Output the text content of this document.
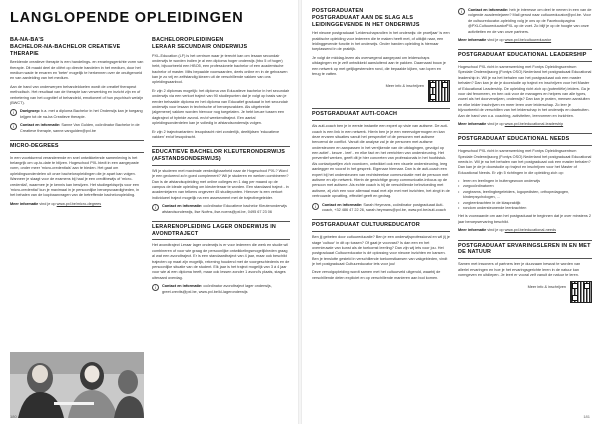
LANGLOPENDE OPLEIDINGEN
BA-NA-BA'S
BACHELOR-NA-BACHELOR CREATIEVE THERAPIE
Beeldende creatieve therapie is een handelings- en ervaringsgerichte vorm van therapie. Dit maakt deel de cliënt op directe handelen in het medium, door het medium wade te ervaren en 'beter' mogelijk te herkennen over de onuitgeroeid en van aanleiding van het medium.
Aan de hand van onderwerpen behandeldoelen wordt de creatief therapeut methodisch. Het resultaat van de therapie kan verwerking en inzicht zijn en of verbetering van het cognitief of behandeld, emotioneel of hun psychisch welzijn (BWCT).
i	Doelgroep: b.a. met a diploma Bachelor in het Onderwijs kan je toegang krijgen tot de na-ba Creatieve therapie.
i	Contact en informatie: Sanne Van Gulden, coördinator Bachelor in de Creatieve therapie, sanne.vangulden@pxl.be
MICRO-DEGREES
In een voortdurend veranderende en snel ontwikkelende samenleving is het belangrijk om up-to-date te blijven. Hogeschool PXL biedt in een aangepaste vorm, onder meer 'micro-credentials' aan te bieden. Het gaat om opleidingsonderdelen uit onze bacheloropleidingen die je apart kan volgen. Wanneer je slaagt voor de examens bij haal je een creditbewijs of 'micro-credential', waarmee je je kennis kan bewijzen. Het studiegeldsprijs voor een 'micro-credential' kun je maximaal in je persoonlijke beroepsvaardigheden, in het behalen van de loopbaanvragen van de betreffende bacheloropleiding.
Meer informatie vind je op www.pxl.be/micro-degrees
BACHELOROPLEIDINGEN
LERAAR SECUNDAIR ONDERWIJS
PXL-Education (LF) is het centrum waar je terecht kan om lesaan secundair onderwijs te worden indien je al een diploma hoger onderwijs (hbo 5 of hoger) hebt, bijvoorbeeld een HBO5, een professionele bachelor of een academische bachelor of master. Mits bepaalde voorwaarden, deels online en in de gebouwen kan je zo vrij en zelfstandig kiezen uit de verschillende vakken van ons opleidingsaanbod.
Er zijn 2 diplomas mogelijk: het diploma van Educatieve bachelor in het secundair onderwijs via een verkort traject van 90 studiepunten dat je volgt op basis van je eerder behaalde diploma en het diploma van Educatief graduaat in het secundair onderwijs voor lesaan in technische of beroepsvakken. Als uitgebreide (algemene) vakken worden hiervoor nog toegelaten. Je hebt keuze tussen een dagtraject of hybride avond- en/of weekendtraject. Een aantal opleidingsonderdelen kan je volledig in afstandsonderwijs volgen.
Er zijn 2 trajectvarianten: lesopdracht niet zonderlijk, deeltijdsen 'educatieve vakken' en/of lesopdracht.
EDUCATIEVE BACHELOR KLEUTERONDERWIJS (AFSTANDSONDERWIJS)
Wil je studeren met maximale verdedigbaarheid naar de Hogeschool PXL? Word je een gedurend zo'n goed complement? Wil je studeren en werken combineren? Dan is de afstandsopleiding met online colleges en 1 dag per maand op de campus de ideale opleiding om kleuterleraar te worden. Een standaard traject - in academiejaren van telkens ongeveer 45 studiepunten. Hierover is een verkort individueel traject mogelijk na een assessment met de trajectbegeleider.
i	Contact en informatie: coördinator Educatieve bachelor Kleuteronderwijs afstandsonderwijs, Ilse Noëns, ilse.noens@pxl.be, 0495 67 23 06
LERARENOPLEIDING LAGER ONDERWIJS IN AVONDTRAJECT
Het avondtraject Leraar lager onderwijs is er voor iedereen die werk en studie wil combineren of voor wie graag de persoonlijke ontwikkelingsmogelijkheden graag al wat een avondtraject. Er is een standaardtraject van 4 jaar, maar ook beschikt trajecten op maat zijn mogelijk, rekening houdend met de voorgeschiedenis en de persoonlijke situatie van de student. Elk jaar is het traject mogelijk van 3 á 4 jaar voor wie al een diploma heeft, maar ook lessen zonder 1 avond's plaats, stages uiteraard overdag.
i	Contact en informatie: coördinator avondtraject lager onderwijs, greet.crevits@pxl.be, www.pxl.be/kl-lageronderwijs
180
POSTGRADUATEN
POSTGRADUAAT AAN DE SLAG ALS LEIDINGGEVENDE IN HET ONDERWIJS
Het nieuwe postgraduaat 'Leiderschapsrollen in het onderwijs: de proefjaar' is een praktische opleiding voor iedereen die te maken heeft met, of uitkijkt naar, een leidinggevende functie in het onderwijs. Onder handen opleiding is hiernaar toeplassend in de praktijk.
Je volgt de middag-lezen als overwegend aangepast om leiderschaps uitdagingen en je zelf ontwikkeld aansluitend aan te pakken. Daarnaast bouw je een netwerk op met gelijkgestemden rond, die bepaalde kijken, van lopen en terug te vatten.
Meer info & inschrijven
POSTGRADUAAT AUTI-COACH
Als auti-coach ben je in eerste instantie een expert op visie van autisme. De auti-coach is een link in een netwerk. Hierin ben je je een meervolgermogen en kan deze ervaren situaties vanuit het perspectief of de personen met autisme benoemd de conflict. Vanuit die analyse zal je de personen met autisme ondersteunen en aanpassen in het verrijkende van de uitdagingen, gevolgd op een actief - keuze - leef - en elke fact en het verrichten van ondersteuning. Het preventief werken, geeft dit je hier concreten van professionals in het hoofdstuk. Als contactpartijen zich voordoen, ontwikkel ook een visuele ondersteuning, leeg aanlegger en vooraf in het gesprek. Eigenaar hiernaar. Dan is de auti-coach een expert bij het ondersteunen van rechtstreekse communicatie met de persoon met autisme en zijn netwerk. Hierin de gewichtige groep communicatie-infocus op de persoon met autisme. Als echte coach is hij de verschillende beïnvloeding met autisme, zij zich een voor allemaal maal met zijn met met inzichten, het zingt in de vertrouwde opvatting, effectief geeft en gedrag.
i	Contact en informatie: Sarah Heymans, coördinator postgraduaat Auti-coach, +32 486 47 22 26, sarah.heymans@pxl.be, www.pxl.be/auti-coach
POSTGRADUAAT CULTUUREDUCATOR
Ben jij gebeten door cultuureducatie? Ben je een onderwijsprofessional en wil jij je stage 'cultuur' in dit op tussen? Of gaat je voorvast? Is dan een en het overnieuwde van kunst als de toekomst leerling? Dan zijn wij iets voor jou. Het postgraduaat Cultuureducator is dé oplossing voor nieuwe inzichten en kansen. Ben je tenslotte gesteld in verschillende toekomstkansen van vakgebieden, vindt je het postgraduaat Cultuureducator iets voor jou!
Deze vervolgopleiding wordt samen met het cultuurveld uitgerold, waarbij de verschillende delen expliciet en op verschillende manieren aan bod komen.
i	Contact en informatie: heb je interesse om deel te nemen in een van de volgende academiejaren? Mail gerust naar cultuureducator@pxl.be. Voor de cultuureducator-opleiding volg je ons op de Facebookpagina @PXLCultuureducatorPXL op de voet. Zo blijf je op de hoogte van onze activiteiten en de van onze partners.
Meer informatie vind je op www.pxl.be/cultuureducator
POSTGRADUAAT EDUCATIONAL LEADERSHIP
Hogeschool PXL richt in samenwerking met Fontys Opleidingscentrum Speciale Onderwijszorg (Fontys OSO) Nederland het postgraduaat Educational leadership in. Wil je na het behalen van het postgraduaat ook een master behalen? Dan kan je de je doorstudie op traject en inschrijven voor het Master of Educational Leadership. De opleiding richt zich op (potentiële) leiders. Ga je voor dat fenomeen, en ben ook voor de managers en helpers van alle types, zowel als het doorverwijzen, onderwijs? Dan kan je praten, mensen aansluiten en elke leider inschrijven en meer leren over leiderschap. Zo leer je bijvoorbeeld de verschillen van het leiderschap in het onderwijs en daarbuiten. Aan de hand van o.a. coaching, activiteiten, leervormen en inzichten.
Meer informatie vind je op www.pxl.be/educational-leadership
POSTGRADUAAT EDUCATIONAL NEEDS
Hogeschool PXL richt in samenwerking met Fontys Opleidingscentrum Speciale Onderwijszorg (Fontys OSO) Nederland het postgraduaat Educational needs in. Wil je na het behalen van het postgraduaat ook een master behalen? Dan kan je de je doorstudie op traject en inschrijven voor het Master of Educational Needs. Er zijn 5 richtingen in die opleiding zich op:
• leren en leerlingen in buitengewoon onderwijs
• zorgcoördinatoren
• zorgteams, leerlingbegeleiders, logopedisten, orthopedagogen, kinderpsychologen, ...
• zorgleerkrachten in de klaspraktijk
• rondom ondersteunende leerkrachten
Het is voorwaarde om aan het postgraduaat te beginnen dat je over minstens 2 jaar beroepservaring beschikt.
Meer informatie vind je op www.pxl.be/educational-needs
POSTGRADUAAT ERVARINGSLEREN IN EN MET DE NATUUR
Samen met inwoners of partners leer je duurzaam bewust te worden van allerlei ervaringen en hoe je het ervaringsgerichte leren in de natuur kan vormgeven en uitdiepen. Je leert er vooral zelf vanuit de natuur te leren.
Meer info & inschrijven
181
